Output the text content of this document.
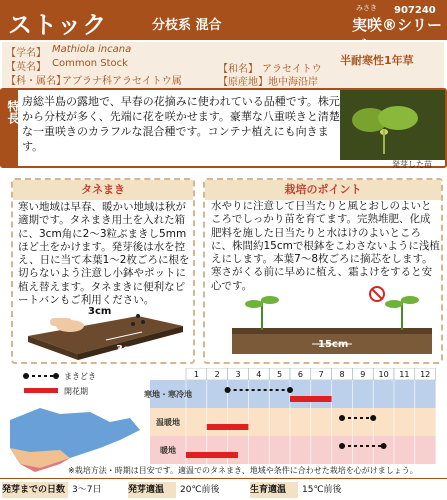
ストック	分枝系 混合
みさき 907240
実咲®シリー
【学名】 Mathiola incana
【英名】 Common Stock
【科・属名】
アブラナ科アラセイトウ属
【和名】 アラセイトウ
【原産地】 地中海沿岸
半耐寒性1年草
特長 房総半島の露地で、早春の花摘みに使われている品種です。株元から分枝が多く、先端に花を咲かせます。豪華な八重咲きと清楚な一重咲きのカラフルな混合種です。コンテナ植えにも向きます。
発芽した苗
タネまき
寒い地域は早春、暖かい地域は秋が適期です。タネまき用土を入れた箱に、3cm角に2〜3粒ぶまきし5mmほど土をかけます。発芽後は水を控え、日に当て本葉1〜2枚ごろに根を切らないよう注意し小鉢やポットに植え替えます。タネまきに便利なピートバンもご利用ください。
3cm
3cm
栽培のポイント
水やりに注意して日当たりと風とおしのよいところでしっかり苗を育てます。完熟堆肥、化成肥料を施した日当たりと水はけのよいところに、株間約15cmで根鉢をこわさないように浅植えにします。本葉7〜8枚ごろに摘芯をします。寒さがくる前に早めに植え、霜よけをすると安心です。
15cm
まきどき
開花期
1 2 3 4 5 6 7 8 9 10 11 12
寒地・寒冷地
温暖地
暖地
※栽培方法・時期は目安です。適温でのタネまき、地域や条件に合わせた栽培を心がけましょう。
発芽までの日数 3〜7日	発芽適温	20℃前後	生育適温	15℃前後
